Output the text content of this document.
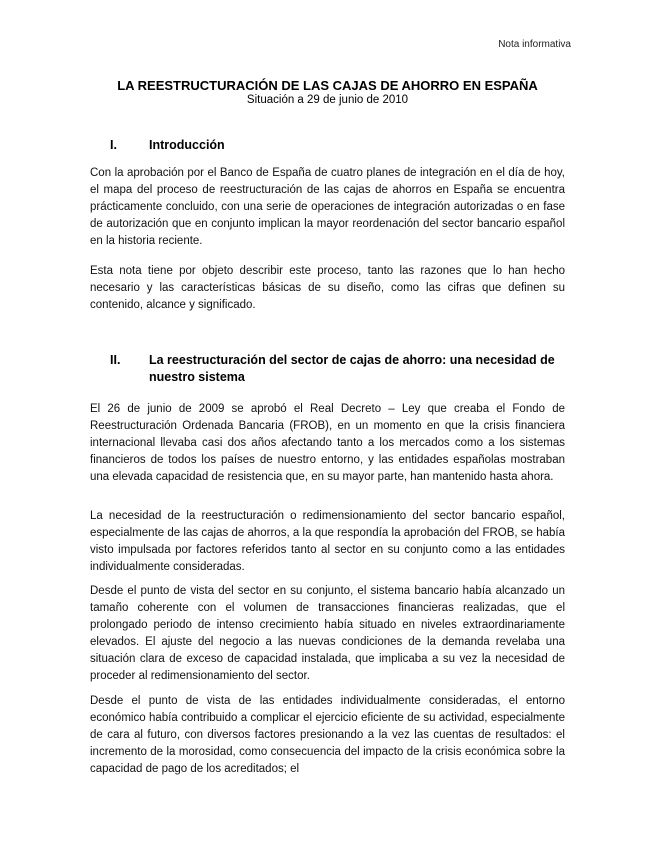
Nota informativa
LA REESTRUCTURACIÓN DE LAS CAJAS DE AHORRO EN ESPAÑA
Situación a 29 de junio de 2010
I.	Introducción

Con la aprobación por el Banco de España de cuatro planes de integración en el día de hoy, el mapa del proceso de reestructuración de las cajas de ahorros en España se encuentra prácticamente concluido, con una serie de operaciones de integración autorizadas o en fase de autorización que en conjunto implican la mayor reordenación del sector bancario español en la historia reciente.

Esta nota tiene por objeto describir este proceso, tanto las razones que lo han hecho necesario y las características básicas de su diseño, como las cifras que definen su contenido, alcance y significado.

II.	La reestructuración del sector de cajas de ahorro: una necesidad de nuestro sistema

El 26 de junio de 2009 se aprobó el Real Decreto – Ley que creaba el Fondo de Reestructuración Ordenada Bancaria (FROB), en un momento en que la crisis financiera internacional llevaba casi dos años afectando tanto a los mercados como a los sistemas financieros de todos los países de nuestro entorno, y las entidades españolas mostraban una elevada capacidad de resistencia que, en su mayor parte, han mantenido hasta ahora.

La necesidad de la reestructuración o redimensionamiento del sector bancario español, especialmente de las cajas de ahorros, a la que respondía la aprobación del FROB, se había visto impulsada por factores referidos tanto al sector en su conjunto como a las entidades individualmente consideradas.

Desde el punto de vista del sector en su conjunto, el sistema bancario había alcanzado un tamaño coherente con el volumen de transacciones financieras realizadas, que el prolongado periodo de intenso crecimiento había situado en niveles extraordinariamente elevados. El ajuste del negocio a las nuevas condiciones de la demanda revelaba una situación clara de exceso de capacidad instalada, que implicaba a su vez la necesidad de proceder al redimensionamiento del sector.

Desde el punto de vista de las entidades individualmente consideradas, el entorno económico había contribuido a complicar el ejercicio eficiente de su actividad, especialmente de cara al futuro, con diversos factores presionando a la vez las cuentas de resultados: el incremento de la morosidad, como consecuencia del impacto de la crisis económica sobre la capacidad de pago de los acreditados; el
